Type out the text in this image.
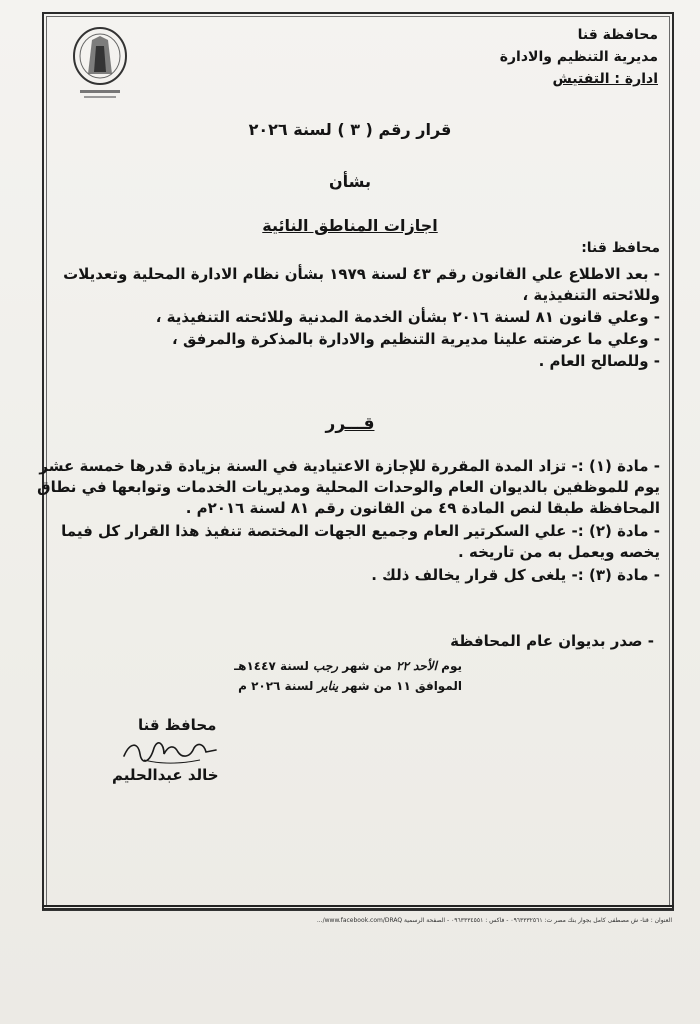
محافظة قنا
مديرية التنظيم والادارة
ادارة : التفتيش
قرار رقم ( ٣ ) لسنة ٢٠٢٦
بشأن
اجازات المناطق النائية
محافظ قنا:
- بعد الاطلاع علي القانون رقم ٤٣ لسنة ١٩٧٩ بشأن نظام الادارة المحلية وتعديلات وللائحته التنفيذية ،
- وعلي قانون ٨١ لسنة ٢٠١٦ بشأن الخدمة المدنية وللائحته التنفيذية ،
- وعلي ما عرضته علينا مديرية التنظيم والادارة بالمذكرة والمرفق ،
- وللصالح العام .
قـــرر
- مادة (١) :- تزاد المدة المقررة للإجازة الاعتيادية في السنة بزيادة قدرها خمسة عشر يوم للموظفين بالديوان العام والوحدات المحلية ومديريات الخدمات وتوابعها في نطاق المحافظة طبقا لنص المادة ٤٩ من القانون رقم ٨١ لسنة ٢٠١٦م .
- مادة (٢) :- علي السكرتير العام وجميع الجهات المختصة تنفيذ هذا القرار كل فيما يخصه ويعمل به من تاريخه .
- مادة (٣) :- يلغى كل قرار يخالف ذلك .
- صدر بديوان عام المحافظة
يوم الأحد ٢٢ من شهر رجب لسنة ١٤٤٧هـ
الموافق ١١ من شهر يناير لسنة ٢٠٢٦ م
محافظ قنا
خالد عبدالحليم
العنوان : قنا- ش مصطفى كامل بجوار بنك مصر ت: ٠٩٦٣٣٣٢٥٦١ - فاكس : ٠٩٦٣٣٣٤٥٥١ - الصفحة الرسمية www.facebook.com/DRAQ/...
